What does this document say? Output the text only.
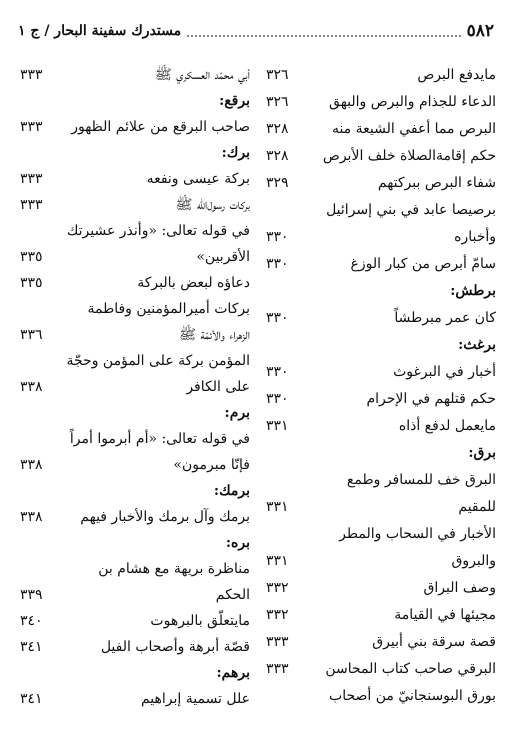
٥٨٢
مستدرك سفينة البحار / ج ١
مايدفع البرص
٣٢٦
الدعاء للجذام والبرص والبهق
٣٢٦
البرص مما أعفي الشيعة منه
٣٢٨
حكم إقامةالصلاة خلف الأبرص
٣٢٨
شفاء البرص ببركتهم
٣٢٩
برصيصا عابد في بني إسرائيل
وأخباره
٣٣٠
سامّ أبرص من كبار الوزغ
٣٣٠
برطش:
كان عمر مبرطشاً
٣٣٠
برغث:
أخبار في البرغوث
٣٣٠
حكم قتلهم في الإحرام
٣٣٠
مايعمل لدفع أذاه
٣٣١
برق:
البرق خف للمسافر وطمع
للمقيم
٣٣١
الأخبار في السحاب والمطر
والبروق
٣٣١
وصف البراق
٣٣٢
مجيئها في القيامة
٣٣٢
قصة سرقة بني أبيرق
٣٣٣
البرقي صاحب كتاب المحاسن
٣٣٣
بورق البوسنجانيّ من أصحاب
أبي محمّد العسكري ﷺ
٣٣٣
برقع:
صاحب البرقع من علائم الظهور
٣٣٣
برك:
بركة عيسى ونفعه
٣٣٣
بركات رسول‌الله ﷺ
٣٣٣
في قوله تعالى: «وأنذر عشيرتك
الأقربين»
٣٣٥
دعاؤه لبعض بالبركة
٣٣٥
بركات أميرالمؤمنين وفاطمة
الزهراء والأئمّة ﷺ
٣٣٦
المؤمن بركة على المؤمن وحجّة
على الكافر
٣٣٨
برم:
في قوله تعالى: «أم أبرموا أمراً
فإنّا مبرمون»
٣٣٨
برمك:
برمك وآل برمك والأخبار فيهم
٣٣٨
بره:
مناظرة بريهة مع هشام بن
الحكم
٣٣٩
مايتعلّق بالبرهوت
٣٤٠
قصّة أبرهة وأصحاب الفيل
٣٤١
برهم:
علل تسمية إبراهيم
٣٤١
